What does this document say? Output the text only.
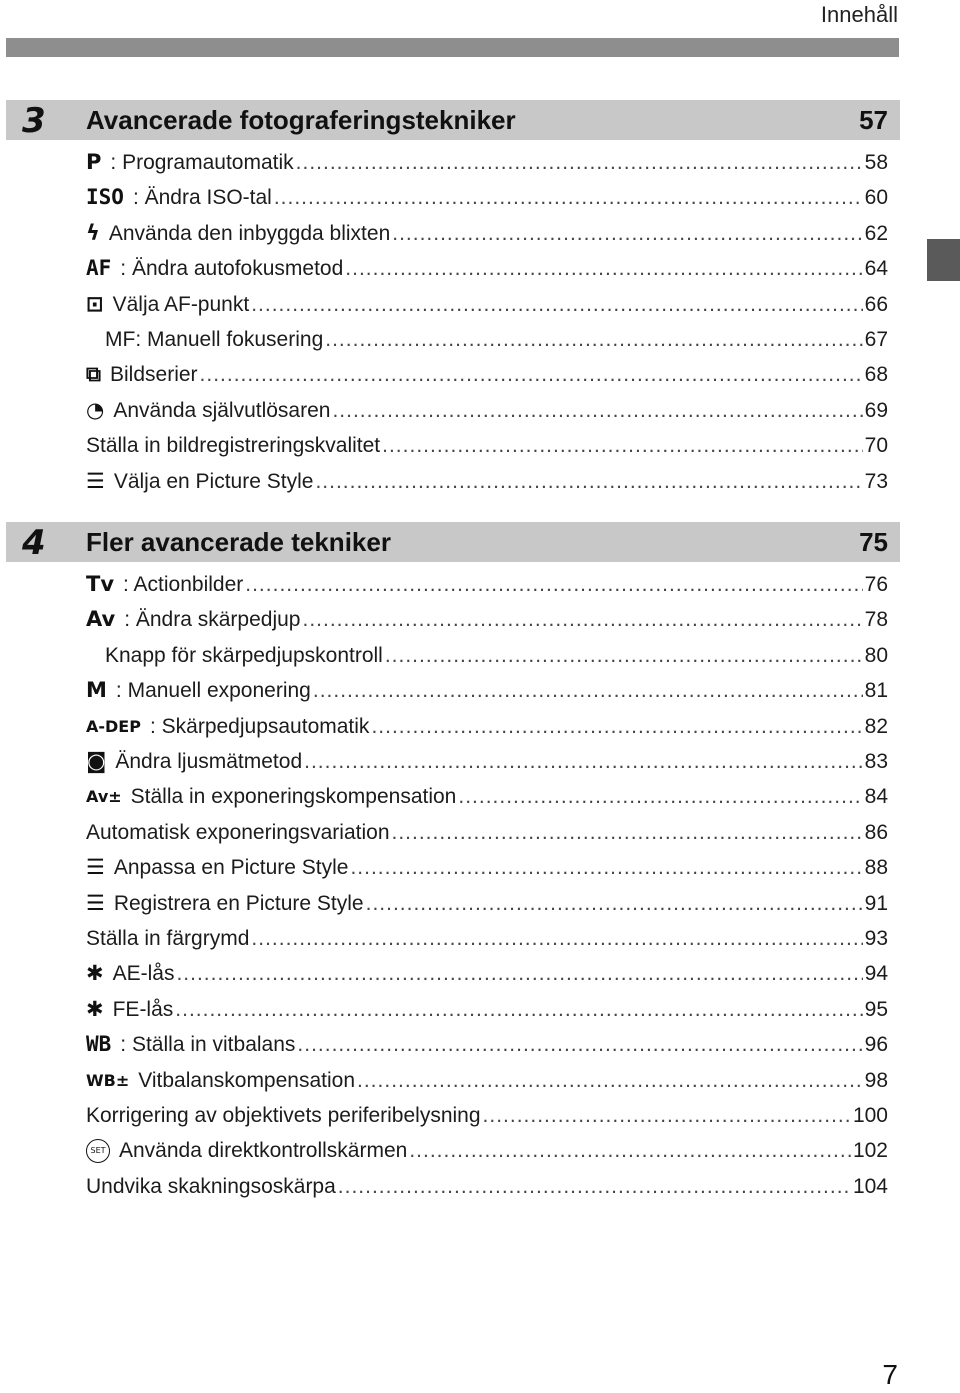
Innehåll
3	Avancerade fotograferingstekniker	57
P : Programautomatik .....	58
ISO : Ändra ISO-tal .....	60
ϟ Använda den inbyggda blixten .....	62
AF : Ändra autofokusmetod .....	64
⊡ Välja AF-punkt .....	66
MF: Manuell fokusering .....	67
⧉ Bildserier .....	68
◔ Använda självutlösaren .....	69
Ställa in bildregistreringskvalitet .....	70
☰ Välja en Picture Style .....	73
4	Fler avancerade tekniker	75
Tv : Actionbilder .....	76
Av : Ändra skärpedjup .....	78
Knapp för skärpedjupskontroll .....	80
M : Manuell exponering .....	81
A-DEP : Skärpedjupsautomatik .....	82
◙ Ändra ljusmätmetod .....	83
Av± Ställa in exponeringskompensation .....	84
Automatisk exponeringsvariation .....	86
☰ Anpassa en Picture Style .....	88
☰ Registrera en Picture Style .....	91
Ställa in färgrymd .....	93
✱ AE-lås .....	94
✱ FE-lås .....	95
WB : Ställa in vitbalans .....	96
WB± Vitbalanskompensation .....	98
Korrigering av objektivets periferibelysning .....	100
SET Använda direktkontrollskärmen .....	102
Undvika skakningsoskärpa .....	104
7
